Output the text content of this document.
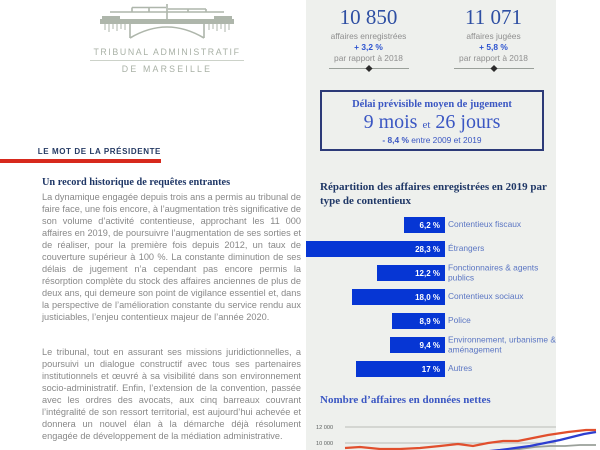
TRIBUNAL ADMINISTRATIF
DE MARSEILLE
LE MOT DE LA PRÉSIDENTE
Un record historique de requêtes entrantes
La dynamique engagée depuis trois ans a permis au tribunal de faire face, une fois encore, à l’augmentation très significative de son volume d’activité contentieuse, approchant les 11 000 affaires en 2019, de poursuivre l’augmentation de ses sorties et de réaliser, pour la première fois depuis 2012, un taux de couverture supérieur à 100 %. La constante diminution de ses délais de jugement n’a cependant pas encore permis la résorption complète du stock des affaires anciennes de plus de deux ans, qui demeure son point de vigilance essentiel et, dans la perspective de l’amélioration constante du service rendu aux justiciables, l’enjeu contentieux majeur de l’année 2020.
Le tribunal, tout en assurant ses missions juridictionnelles, a poursuivi un dialogue constructif avec tous ses partenaires institutionnels et œuvré à sa visibilité dans son environnement socio-administratif. Enfin, l’extension de la convention, passée avec les ordres des avocats, aux cinq barreaux couvrant l’intégralité de son ressort territorial, est aujourd’hui achevée et donnera un nouvel élan à la démarche déjà résolument engagée de développement de la médiation administrative.
10 850
affaires enregistrées
+ 3,2 %
par rapport à 2018
11 071
affaires jugées
+ 5,8 %
par rapport à 2018
Délai prévisible moyen de jugement
9 mois et 26 jours
- 8,4 % entre 2009 et 2019
Répartition des affaires enregistrées en 2019 par type de contentieux
6,2 % Contentieux fiscaux
28,3 % Étrangers
12,2 %
Fonctionnaires & agents publics
18,0 % Contentieux sociaux
8,9 % Police
9,4 %
Environnement, urbanisme & aménagement
17 % Autres
Nombre d’affaires en données nettes
12 000
10 000
